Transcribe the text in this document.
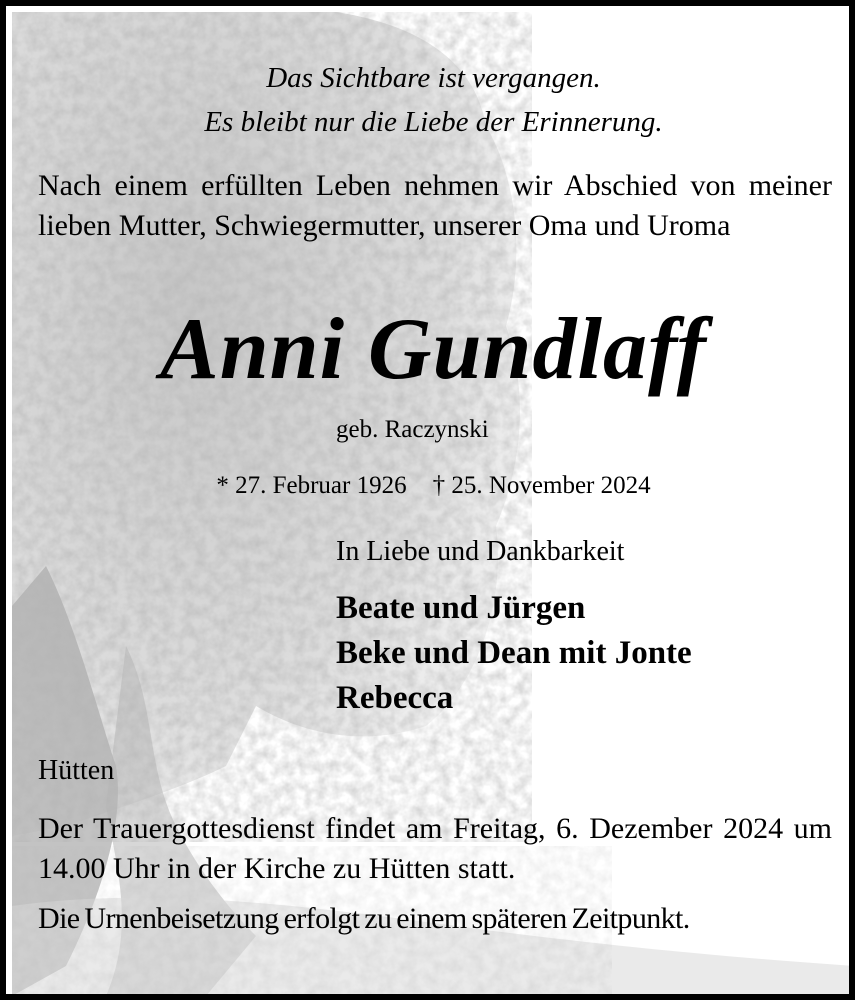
Das Sichtbare ist vergangen.
Es bleibt nur die Liebe der Erinnerung.
Nach einem erfüllten Leben nehmen wir Abschied von meiner lieben Mutter, Schwiegermutter, unserer Oma und Uroma
Anni Gundlaff
geb. Raczynski
* 27. Februar 1926 † 25. November 2024
In Liebe und Dankbarkeit
Beate und Jürgen
Beke und Dean mit Jonte
Rebecca
Hütten
Der Trauergottesdienst findet am Freitag, 6. Dezember 2024 um 14.00 Uhr in der Kirche zu Hütten statt.
Die Urnenbeisetzung erfolgt zu einem späteren Zeitpunkt.
